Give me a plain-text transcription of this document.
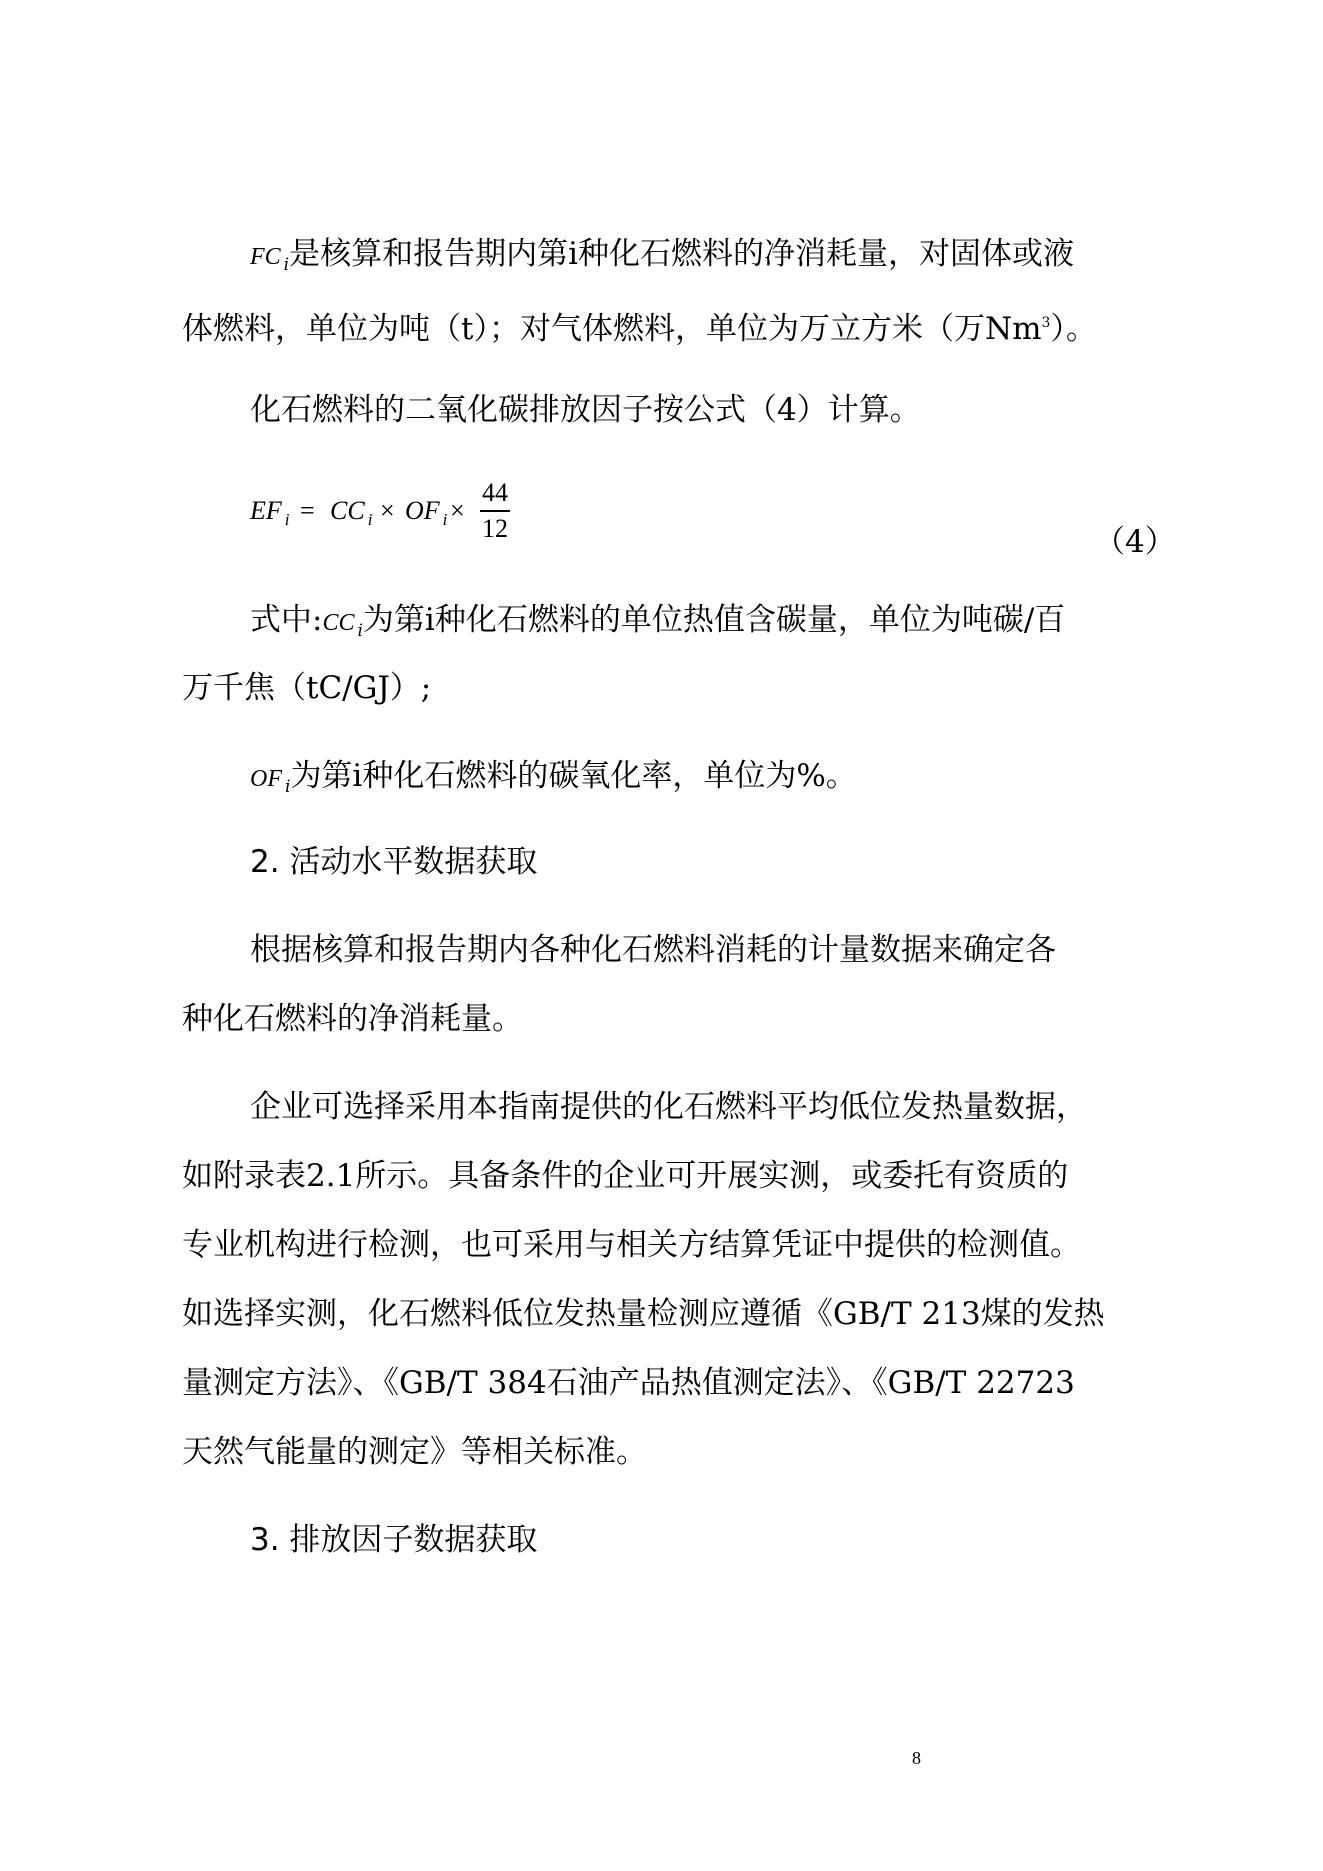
FC $_i$是核算和报告期内第i种化石燃料的净消耗量，对固体或液
体燃料，单位为吨（t）；对气体燃料，单位为万立方米（万Nm$^3$）。
化石燃料的二氧化碳排放因子按公式（4）计算。
EF $_i$ = CC $_i$ × OF $_i$ ×
44
12	（4）
式中:CC $_i$为第i种化石燃料的单位热值含碳量，单位为吨碳/百
万千焦（tC/GJ）;
OF $_i$为第i种化石燃料的碳氧化率，单位为%。
2. 活动水平数据获取
根据核算和报告期内各种化石燃料消耗的计量数据来确定各
种化石燃料的净消耗量。
企业可选择采用本指南提供的化石燃料平均低位发热量数据，
如附录表2.1所示。具备条件的企业可开展实测，或委托有资质的
专业机构进行检测，也可采用与相关方结算凭证中提供的检测值。
如选择实测，化石燃料低位发热量检测应遵循《GB/T 213煤的发热
量测定方法》、《GB/T 384石油产品热值测定法》、《GB/T 22723
天然气能量的测定》等相关标准。
3. 排放因子数据获取
8
